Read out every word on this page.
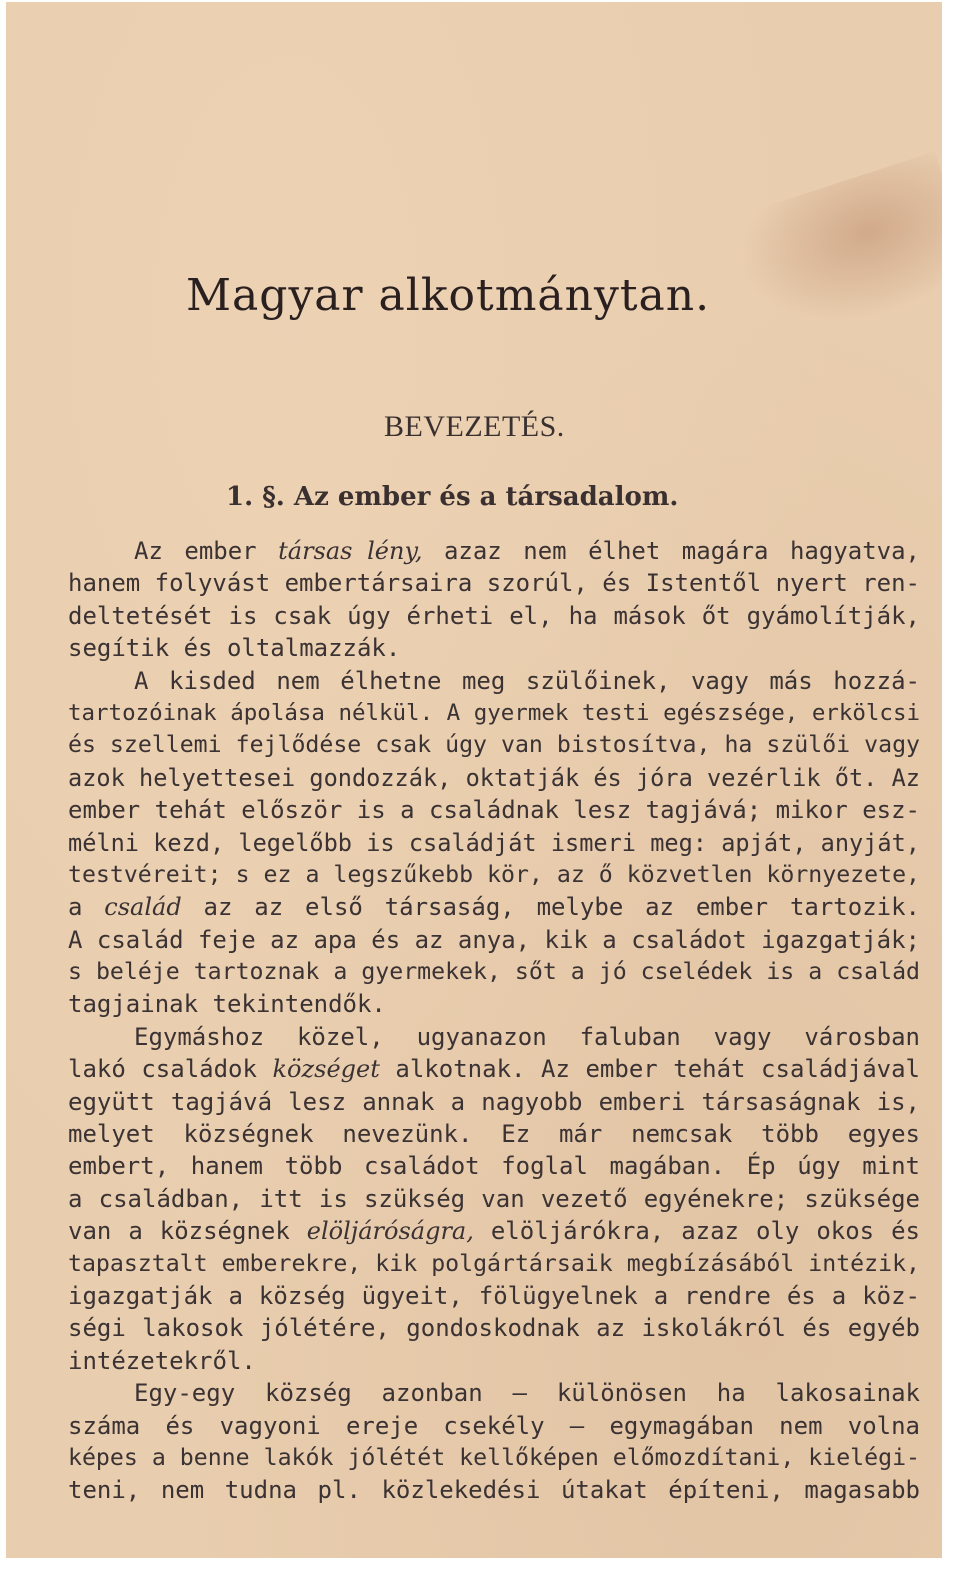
Magyar alkotmánytan.
BEVEZETÉS.
1. §. Az ember és a társadalom.
Az ember társas lény, azaz nem élhet magára hagyatva,
hanem folyvást embertársaira szorúl, és Istentől nyert ren-
deltetését is csak úgy érheti el, ha mások őt gyámolítják,
segítik és oltalmazzák.
A kisded nem élhetne meg szülőinek, vagy más hozzá-
tartozóinak ápolása nélkül. A gyermek testi egészsége, erkölcsi
és szellemi fejlődése csak úgy van bistosítva, ha szülői vagy
azok helyettesei gondozzák, oktatják és jóra vezérlik őt. Az
ember tehát először is a családnak lesz tagjává; mikor esz-
mélni kezd, legelőbb is családját ismeri meg: apját, anyját,
testvéreit; s ez a legszűkebb kör, az ő közvetlen környezete,
a család az az első társaság, melybe az ember tartozik.
A család feje az apa és az anya, kik a családot igazgatják;
s beléje tartoznak a gyermekek, sőt a jó cselédek is a család
tagjainak tekintendők.
Egymáshoz közel, ugyanazon faluban vagy városban
lakó családok községet alkotnak. Az ember tehát családjával
együtt tagjává lesz annak a nagyobb emberi társaságnak is,
melyet községnek nevezünk. Ez már nemcsak több egyes
embert, hanem több családot foglal magában. Ép úgy mint
a családban, itt is szükség van vezető egyénekre; szüksége
van a községnek elöljáróságra, elöljárókra, azaz oly okos és
tapasztalt emberekre, kik polgártársaik megbízásából intézik,
igazgatják a község ügyeit, fölügyelnek a rendre és a köz-
ségi lakosok jólétére, gondoskodnak az iskolákról és egyéb
intézetekről.
Egy-egy község azonban — különösen ha lakosainak
száma és vagyoni ereje csekély — egymagában nem volna
képes a benne lakók jólétét kellőképen előmozdítani, kielégi-
teni, nem tudna pl. közlekedési útakat építeni, magasabb
